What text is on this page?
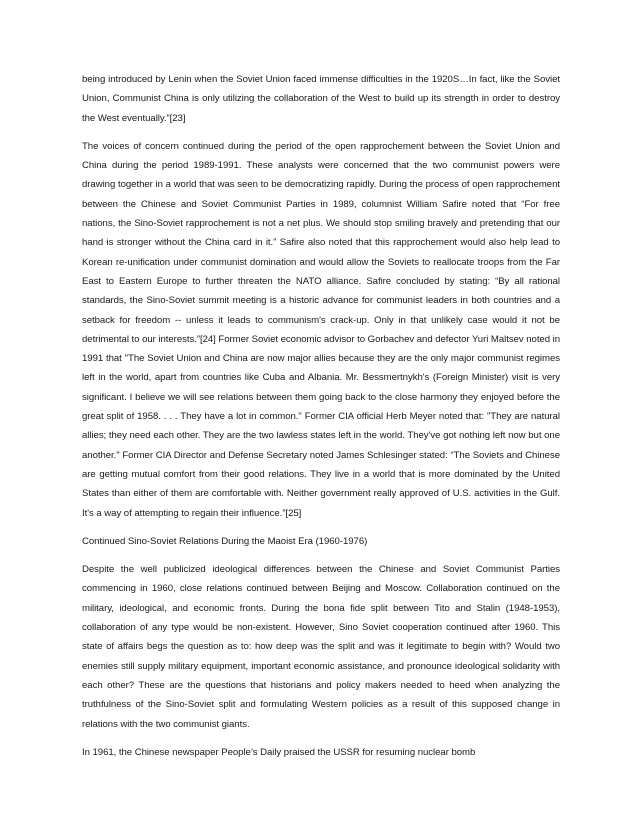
being introduced by Lenin when the Soviet Union faced immense difficulties in the 1920S…In fact, like the Soviet Union, Communist China is only utilizing the collaboration of the West to build up its strength in order to destroy the West eventually.”[23]

The voices of concern continued during the period of the open rapprochement between the Soviet Union and China during the period 1989-1991. These analysts were concerned that the two communist powers were drawing together in a world that was seen to be democratizing rapidly. During the process of open rapprochement between the Chinese and Soviet Communist Parties in 1989, columnist William Safire noted that “For free nations, the Sino-Soviet rapprochement is not a net plus. We should stop smiling bravely and pretending that our hand is stronger without the China card in it.” Safire also noted that this rapprochement would also help lead to Korean re-unification under communist domination and would allow the Soviets to reallocate troops from the Far East to Eastern Europe to further threaten the NATO alliance. Safire concluded by stating: “By all rational standards, the Sino-Soviet summit meeting is a historic advance for communist leaders in both countries and a setback for freedom -- unless it leads to communism's crack-up. Only in that unlikely case would it not be detrimental to our interests.”[24] Former Soviet economic advisor to Gorbachev and defector Yuri Maltsev noted in 1991 that "The Soviet Union and China are now major allies because they are the only major communist regimes left in the world, apart from countries like Cuba and Albania. Mr. Bessmertnykh's (Foreign Minister) visit is very significant. I believe we will see relations between them going back to the close harmony they enjoyed before the great split of 1958. . . . They have a lot in common." Former CIA official Herb Meyer noted that: "They are natural allies; they need each other. They are the two lawless states left in the world. They've got nothing left now but one another." Former CIA Director and Defense Secretary noted James Schlesinger stated: “The Soviets and Chinese are getting mutual comfort from their good relations. They live in a world that is more dominated by the United States than either of them are comfortable with. Neither government really approved of U.S. activities in the Gulf. It's a way of attempting to regain their influence.”[25]

Continued Sino-Soviet Relations During the Maoist Era (1960-1976)

Despite the well publicized ideological differences between the Chinese and Soviet Communist Parties commencing in 1960, close relations continued between Beijing and Moscow. Collaboration continued on the military, ideological, and economic fronts. During the bona fide split between Tito and Stalin (1948-1953), collaboration of any type would be non-existent. However, Sino Soviet cooperation continued after 1960. This state of affairs begs the question as to: how deep was the split and was it legitimate to begin with? Would two enemies still supply military equipment, important economic assistance, and pronounce ideological solidarity with each other? These are the questions that historians and policy makers needed to heed when analyzing the truthfulness of the Sino-Soviet split and formulating Western policies as a result of this supposed change in relations with the two communist giants.

In 1961, the Chinese newspaper People’s Daily praised the USSR for resuming nuclear bomb
